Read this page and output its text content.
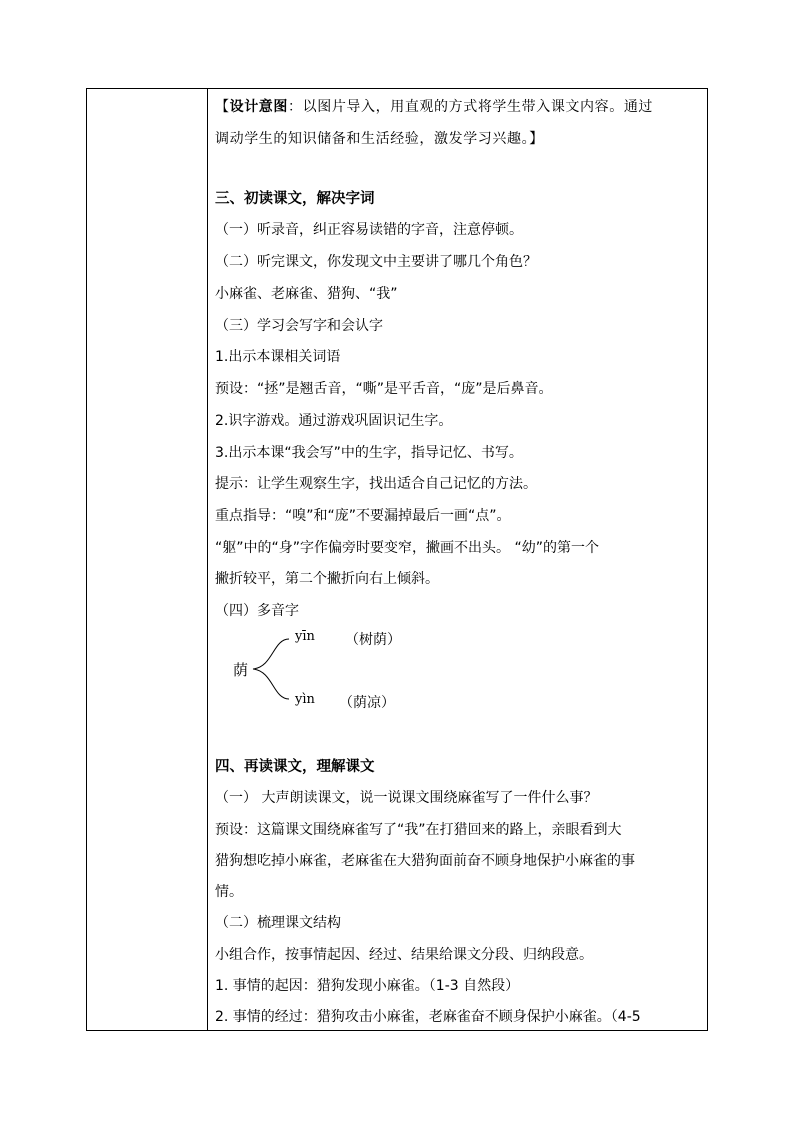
【设计意图：以图片导入，用直观的方式将学生带入课文内容。通过
调动学生的知识储备和生活经验，激发学习兴趣。】
三、初读课文，解决字词
（一）听录音，纠正容易读错的字音，注意停顿。
（二）听完课文，你发现文中主要讲了哪几个角色？
小麻雀、老麻雀、猎狗、“我”
（三）学习会写字和会认字
1.出示本课相关词语
预设：“拯”是翘舌音，“嘶”是平舌音，“庞”是后鼻音。
2.识字游戏。通过游戏巩固识记生字。
3.出示本课“我会写”中的生字，指导记忆、书写。
提示：让学生观察生字，找出适合自己记忆的方法。
重点指导：“嗅”和“庞”不要漏掉最后一画“点”。
“躯”中的“身”字作偏旁时要变窄，撇画不出头。 “幼”的第一个
撇折较平，第二个撇折向右上倾斜。
（四）多音字
荫
yīn （树荫）
yìn （荫凉）
四、再读课文，理解课文
（一） 大声朗读课文，说一说课文围绕麻雀写了一件什么事？
预设：这篇课文围绕麻雀写了“我”在打猎回来的路上，亲眼看到大
猎狗想吃掉小麻雀，老麻雀在大猎狗面前奋不顾身地保护小麻雀的事
情。
（二）梳理课文结构
小组合作，按事情起因、经过、结果给课文分段、归纳段意。
1. 事情的起因：猎狗发现小麻雀。（1-3 自然段）
2. 事情的经过：猎狗攻击小麻雀，老麻雀奋不顾身保护小麻雀。（4-5
